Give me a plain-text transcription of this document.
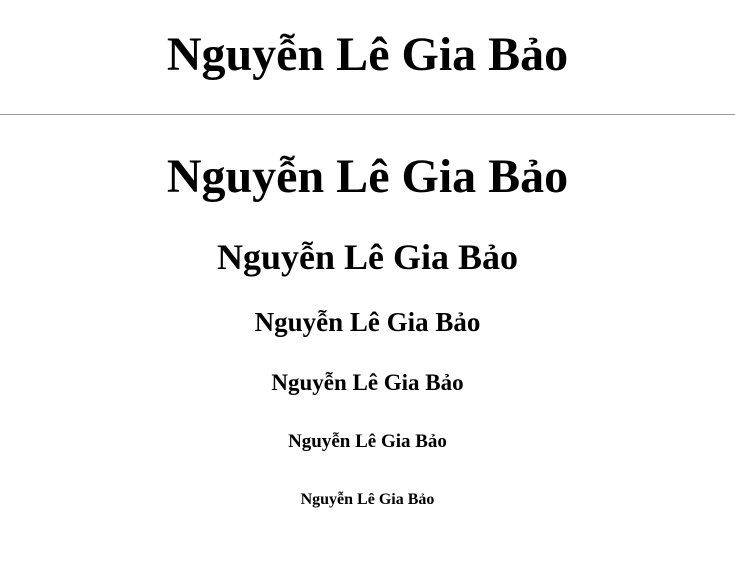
Nguyễn Lê Gia Bảo
Nguyễn Lê Gia Bảo
Nguyễn Lê Gia Bảo
Nguyễn Lê Gia Bảo
Nguyễn Lê Gia Bảo
Nguyễn Lê Gia Bảo
Nguyễn Lê Gia Bảo
